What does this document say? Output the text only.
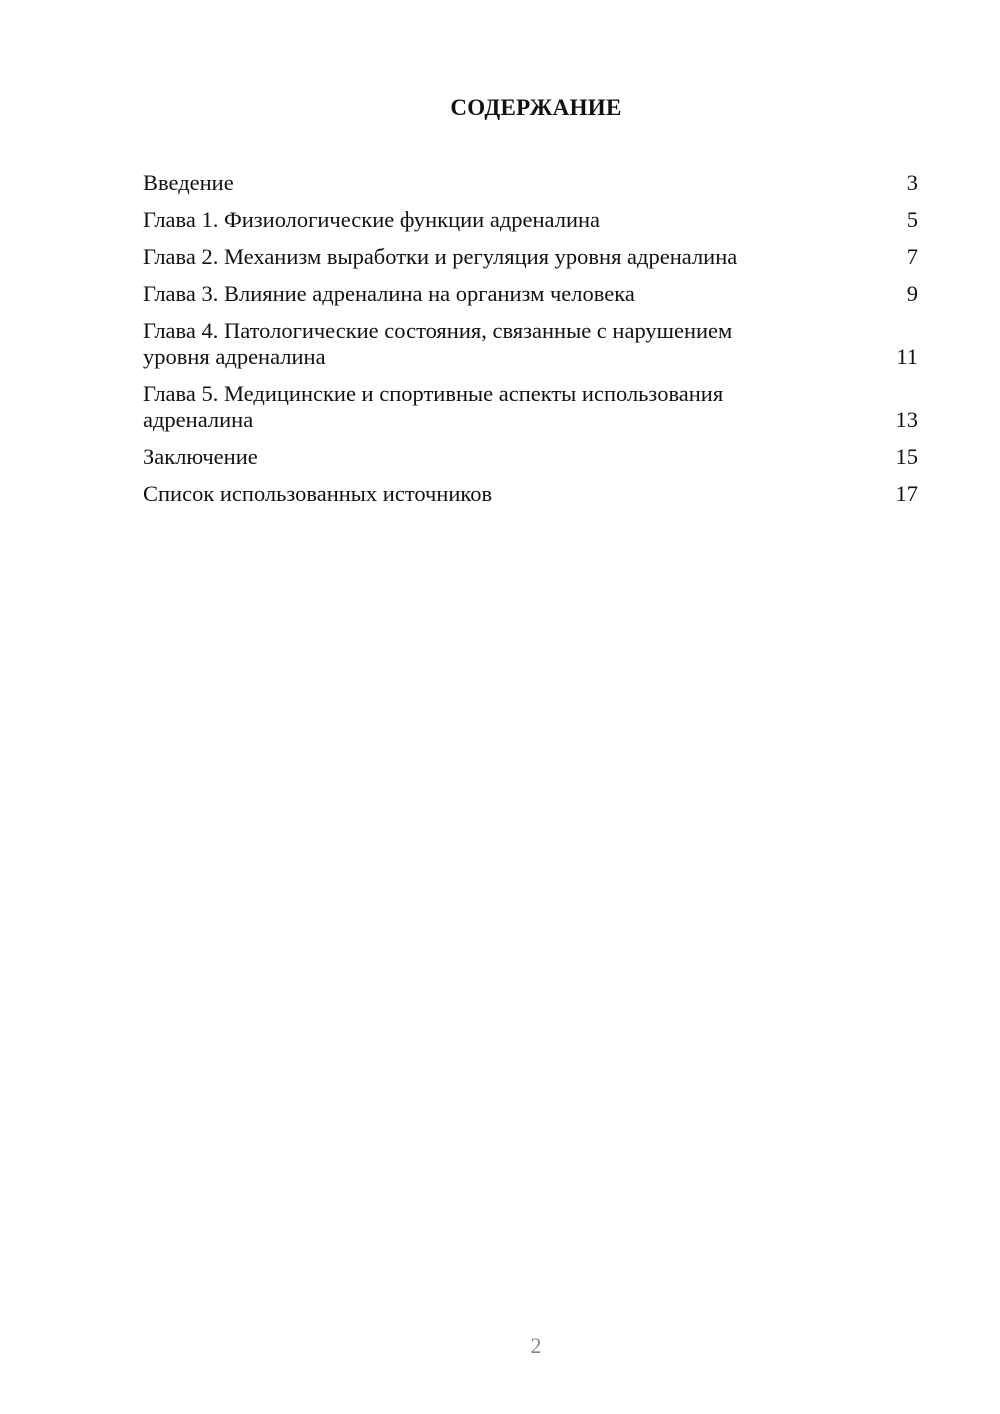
СОДЕРЖАНИЕ
Введение	3
Глава 1. Физиологические функции адреналина	5
Глава 2. Механизм выработки и регуляция уровня адреналина	7
Глава 3. Влияние адреналина на организм человека	9
Глава 4. Патологические состояния, связанные с нарушением
уровня адреналина	11
Глава 5. Медицинские и спортивные аспекты использования
адреналина	13
Заключение	15
Список использованных источников	17
2
